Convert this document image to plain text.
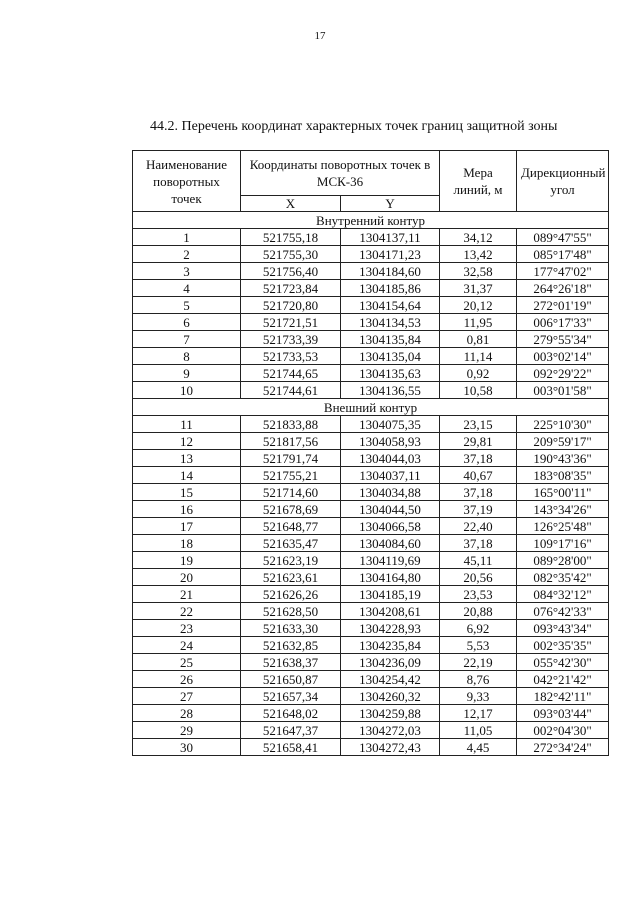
17
44.2. Перечень координат характерных точек границ защитной зоны
Наименование поворотных точек	Координаты поворотных точек в МСК-36		Мера линий, м	Дирекционный угол
	X	Y		
Внутренний контур				
1	521755,18	1304137,11	34,12	089°47'55"
2	521755,30	1304171,23	13,42	085°17'48"
3	521756,40	1304184,60	32,58	177°47'02"
4	521723,84	1304185,86	31,37	264°26'18"
5	521720,80	1304154,64	20,12	272°01'19"
6	521721,51	1304134,53	11,95	006°17'33"
7	521733,39	1304135,84	0,81	279°55'34"
8	521733,53	1304135,04	11,14	003°02'14"
9	521744,65	1304135,63	0,92	092°29'22"
10	521744,61	1304136,55	10,58	003°01'58"
Внешний контур				
11	521833,88	1304075,35	23,15	225°10'30"
12	521817,56	1304058,93	29,81	209°59'17"
13	521791,74	1304044,03	37,18	190°43'36"
14	521755,21	1304037,11	40,67	183°08'35"
15	521714,60	1304034,88	37,18	165°00'11"
16	521678,69	1304044,50	37,19	143°34'26"
17	521648,77	1304066,58	22,40	126°25'48"
18	521635,47	1304084,60	37,18	109°17'16"
19	521623,19	1304119,69	45,11	089°28'00"
20	521623,61	1304164,80	20,56	082°35'42"
21	521626,26	1304185,19	23,53	084°32'12"
22	521628,50	1304208,61	20,88	076°42'33"
23	521633,30	1304228,93	6,92	093°43'34"
24	521632,85	1304235,84	5,53	002°35'35"
25	521638,37	1304236,09	22,19	055°42'30"
26	521650,87	1304254,42	8,76	042°21'42"
27	521657,34	1304260,32	9,33	182°42'11"
28	521648,02	1304259,88	12,17	093°03'44"
29	521647,37	1304272,03	11,05	002°04'30"
30	521658,41	1304272,43	4,45	272°34'24"
